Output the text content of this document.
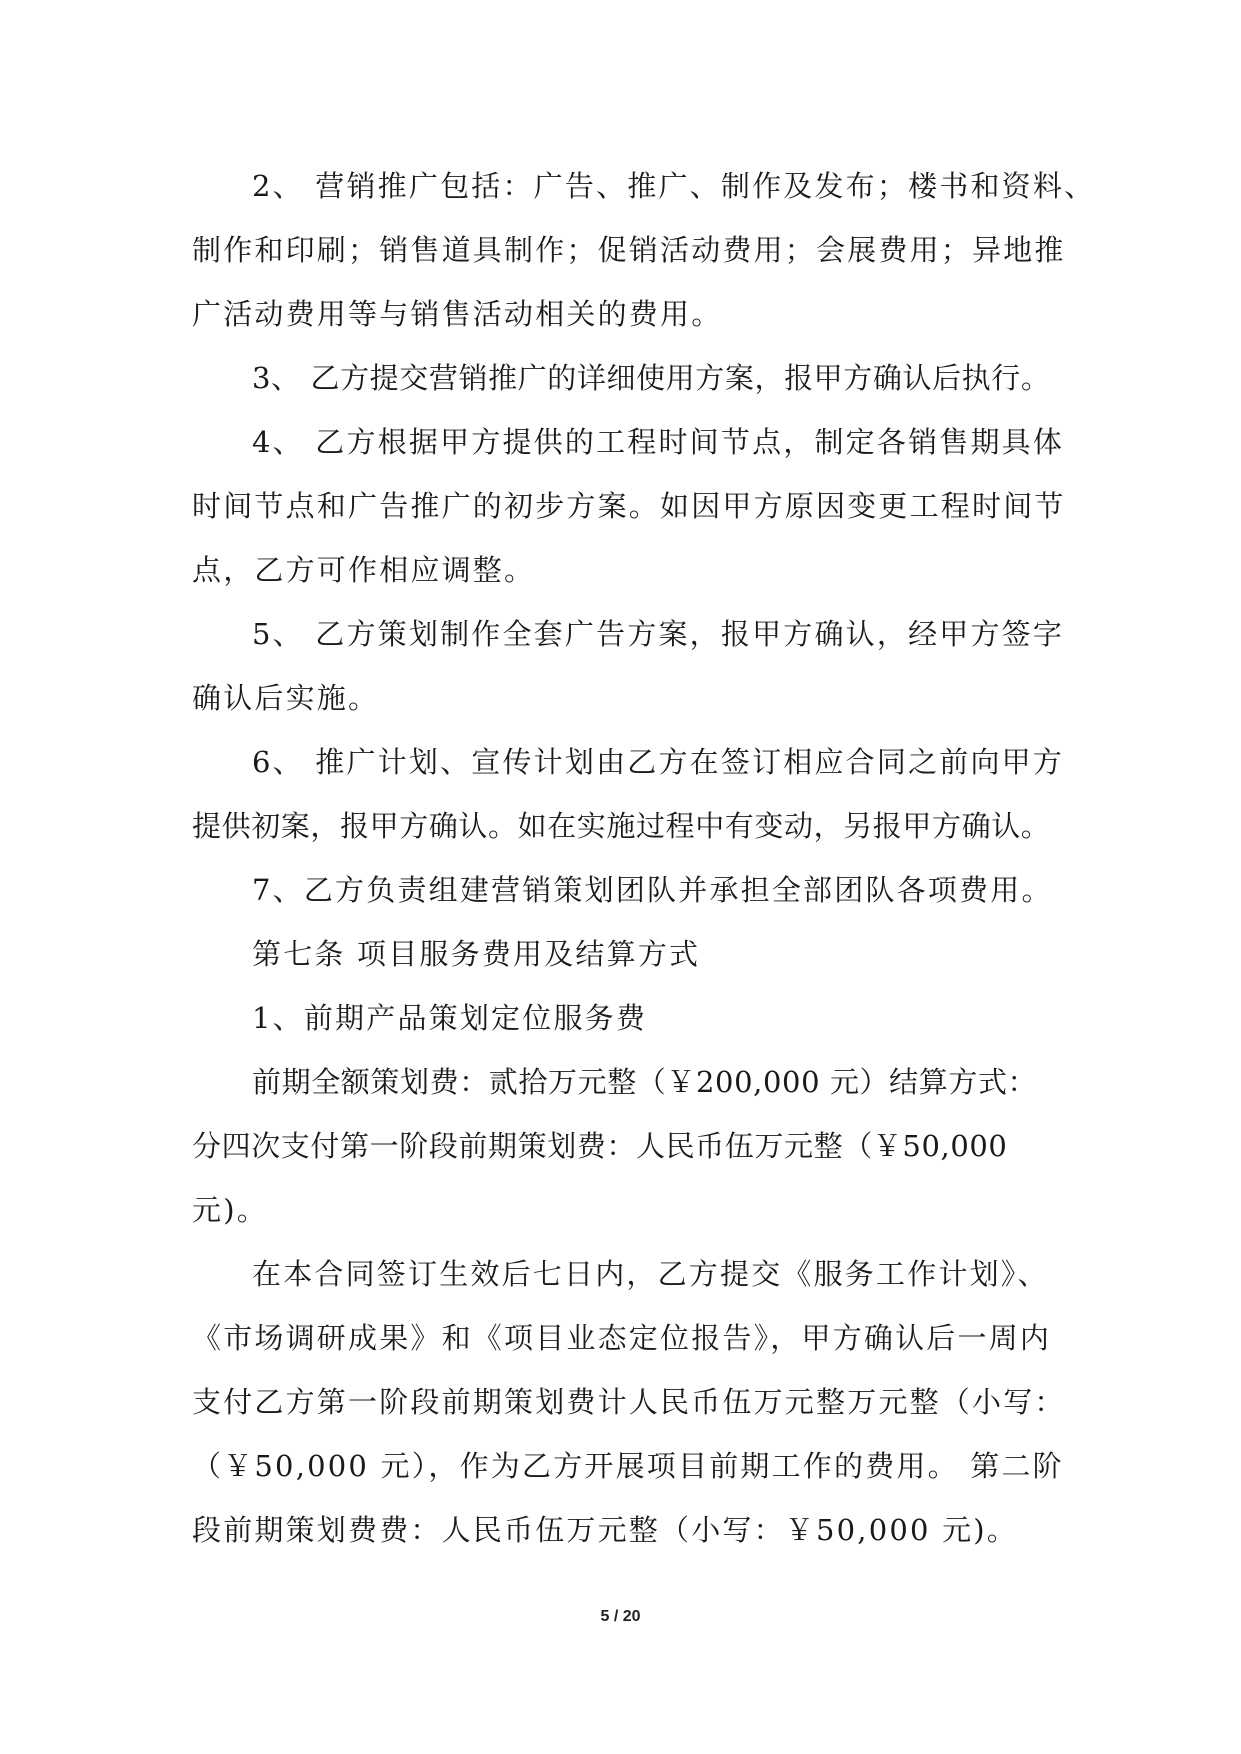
2、 营销推广包括：广告、推广、制作及发布；楼书和资料、
制作和印刷；销售道具制作；促销活动费用；会展费用；异地推
广活动费用等与销售活动相关的费用。
3、 乙方提交营销推广的详细使用方案，报甲方确认后执行。
4、 乙方根据甲方提供的工程时间节点，制定各销售期具体
时间节点和广告推广的初步方案。如因甲方原因变更工程时间节
点，乙方可作相应调整。
5、 乙方策划制作全套广告方案，报甲方确认，经甲方签字
确认后实施。
6、 推广计划、宣传计划由乙方在签订相应合同之前向甲方
提供初案，报甲方确认。如在实施过程中有变动，另报甲方确认。
7、乙方负责组建营销策划团队并承担全部团队各项费用。
第七条 项目服务费用及结算方式
1、前期产品策划定位服务费
前期全额策划费：贰拾万元整（￥200,000 元）结算方式：
分四次支付第一阶段前期策划费：人民币伍万元整（￥50,000
元)。
在本合同签订生效后七日内，乙方提交《服务工作计划》、
《市场调研成果》和《项目业态定位报告》，甲方确认后一周内
支付乙方第一阶段前期策划费计人民币伍万元整万元整（小写：
（￥50,000 元），作为乙方开展项目前期工作的费用。 第二阶
段前期策划费费：人民币伍万元整（小写：￥50,000 元)。
5 / 20
